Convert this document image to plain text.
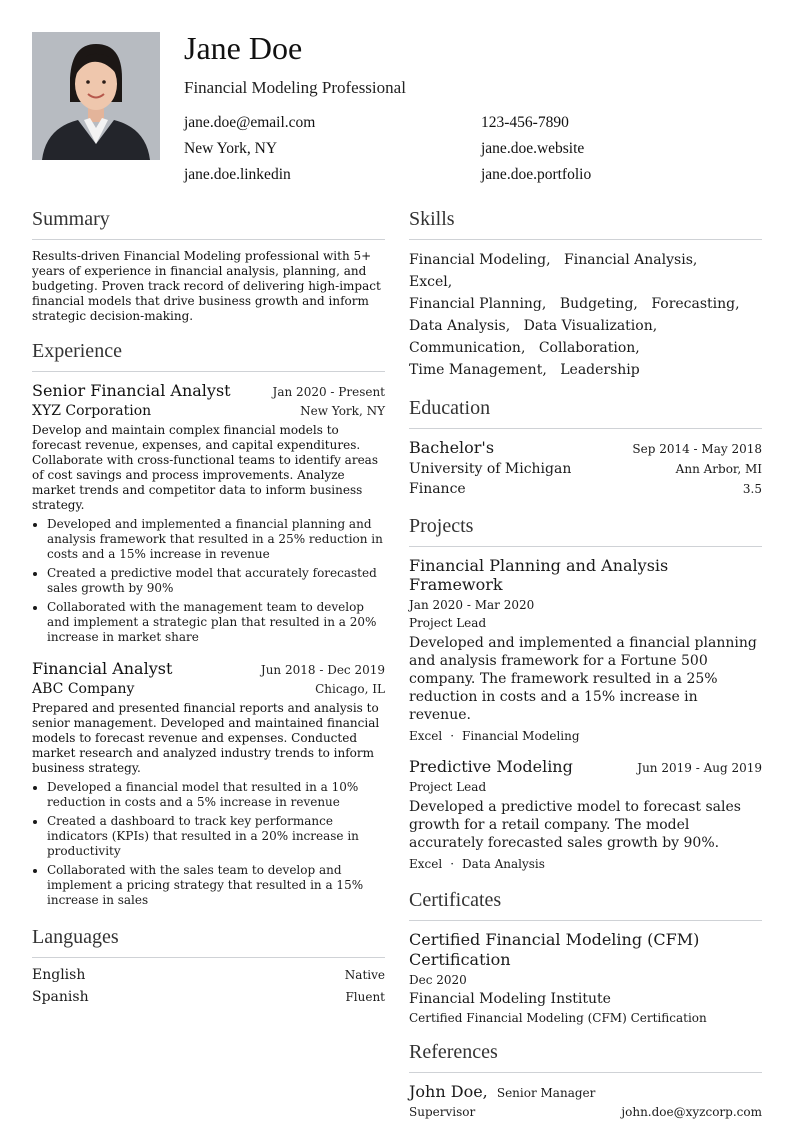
Jane Doe
Financial Modeling Professional
jane.doe@email.com	123-456-7890
New York, NY	jane.doe.website
jane.doe.linkedin	jane.doe.portfolio
Summary
Results-driven Financial Modeling professional with 5+ years of experience in financial analysis, planning, and budgeting. Proven track record of delivering high-impact financial models that drive business growth and inform strategic decision-making.
Experience
Senior Financial Analyst	Jan 2020 - Present
XYZ Corporation	New York, NY
Develop and maintain complex financial models to forecast revenue, expenses, and capital expenditures. Collaborate with cross-functional teams to identify areas of cost savings and process improvements. Analyze market trends and competitor data to inform business strategy.
• Developed and implemented a financial planning and analysis framework that resulted in a 25% reduction in costs and a 15% increase in revenue
• Created a predictive model that accurately forecasted sales growth by 90%
• Collaborated with the management team to develop and implement a strategic plan that resulted in a 20% increase in market share
Financial Analyst	Jun 2018 - Dec 2019
ABC Company	Chicago, IL
Prepared and presented financial reports and analysis to senior management. Developed and maintained financial models to forecast revenue and expenses. Conducted market research and analyzed industry trends to inform business strategy.
• Developed a financial model that resulted in a 10% reduction in costs and a 5% increase in revenue
• Created a dashboard to track key performance indicators (KPIs) that resulted in a 20% increase in productivity
• Collaborated with the sales team to develop and implement a pricing strategy that resulted in a 15% increase in sales
Languages
English	Native
Spanish	Fluent
Skills
Financial Modeling, Financial Analysis, Excel,
Financial Planning, Budgeting, Forecasting,
Data Analysis, Data Visualization,
Communication, Collaboration,
Time Management, Leadership
Education
Bachelor's	Sep 2014 - May 2018
University of Michigan	Ann Arbor, MI
Finance	3.5
Projects
Financial Planning and Analysis Framework
Jan 2020 - Mar 2020
Project Lead
Developed and implemented a financial planning and analysis framework for a Fortune 500 company. The framework resulted in a 25% reduction in costs and a 15% increase in revenue.
Excel · Financial Modeling
Predictive Modeling	Jun 2019 - Aug 2019
Project Lead
Developed a predictive model to forecast sales growth for a retail company. The model accurately forecasted sales growth by 90%.
Excel · Data Analysis
Certificates
Certified Financial Modeling (CFM) Certification
Dec 2020
Financial Modeling Institute
Certified Financial Modeling (CFM) Certification
References
John Doe, Senior Manager
Supervisor	john.doe@xyzcorp.com
